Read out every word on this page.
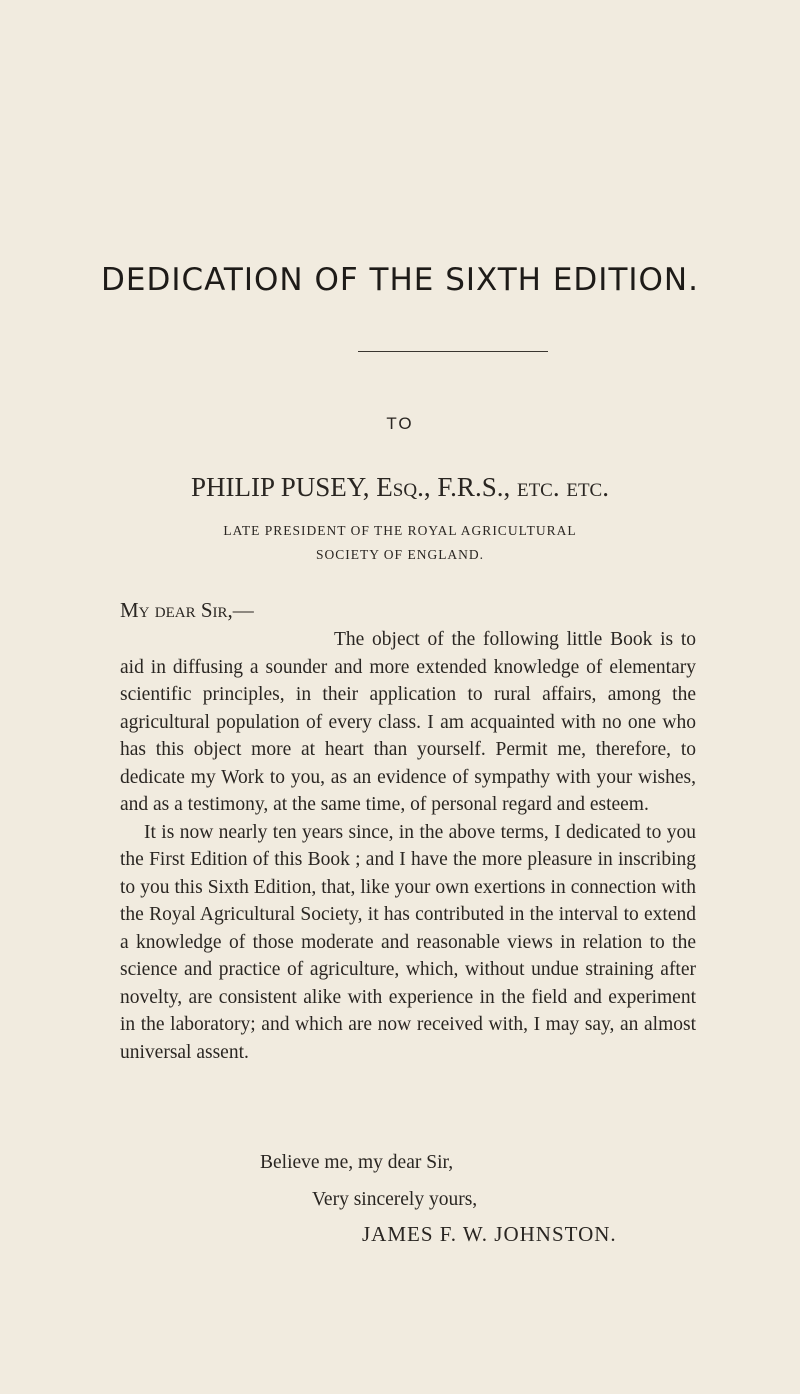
DEDICATION OF THE SIXTH EDITION.
TO
PHILIP PUSEY, Esq., F.R.S., etc. etc.
LATE PRESIDENT OF THE ROYAL AGRICULTURAL
SOCIETY OF ENGLAND.
My dear Sir,—

The object of the following little Book is to aid in diffusing a sounder and more extended knowledge of elementary scientific principles, in their application to rural affairs, among the agricultural population of every class. I am acquainted with no one who has this object more at heart than yourself. Permit me, therefore, to dedicate my Work to you, as an evidence of sympathy with your wishes, and as a testimony, at the same time, of personal regard and esteem.

It is now nearly ten years since, in the above terms, I dedicated to you the First Edition of this Book ; and I have the more pleasure in inscribing to you this Sixth Edition, that, like your own exertions in connection with the Royal Agricultural Society, it has contributed in the interval to extend a knowledge of those moderate and reasonable views in relation to the science and practice of agriculture, which, without undue straining after novelty, are consistent alike with experience in the field and experiment in the laboratory; and which are now received with, I may say, an almost universal assent.

Believe me, my dear Sir,
Very sincerely yours,
JAMES F. W. JOHNSTON.
